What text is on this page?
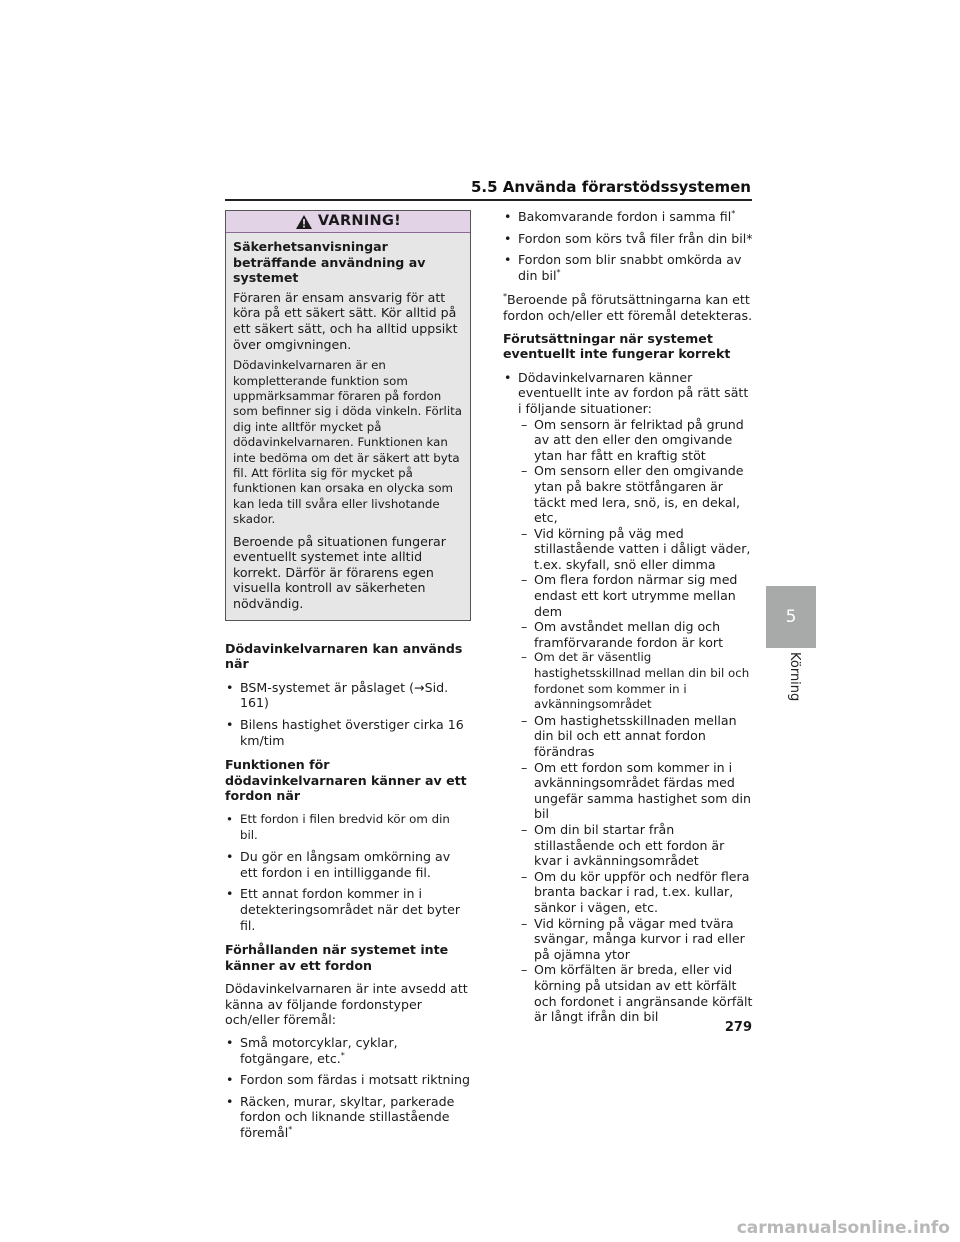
5.5 Använda förarstödssystemen
VARNING!

Säkerhetsanvisningar beträffande användning av systemet

Föraren är ensam ansvarig för att köra på ett säkert sätt. Kör alltid på ett säkert sätt, och ha alltid uppsikt över omgivningen.

Dödavinkelvarnaren är en kompletterande funktion som uppmärksammar föraren på fordon som befinner sig i döda vinkeln. Förlita dig inte alltför mycket på dödavinkelvarnaren. Funktionen kan inte bedöma om det är säkert att byta fil. Att förlita sig för mycket på funktionen kan orsaka en olycka som kan leda till svåra eller livshotande skador.

Beroende på situationen fungerar eventuellt systemet inte alltid korrekt. Därför är förarens egen visuella kontroll av säkerheten nödvändig.

Dödavinkelvarnaren kan används när
• BSM-systemet är påslaget (→Sid. 161)
• Bilens hastighet överstiger cirka 16 km/tim
Funktionen för dödavinkelvarnaren känner av ett fordon när
• Ett fordon i filen bredvid kör om din bil.
• Du gör en långsam omkörning av ett fordon i en intilliggande fil.
• Ett annat fordon kommer in i detekteringsområdet när det byter fil.
Förhållanden när systemet inte känner av ett fordon

Dödavinkelvarnaren är inte avsedd att känna av följande fordonstyper och/eller föremål:

• Små motorcyklar, cyklar, fotgängare, etc.*
• Fordon som färdas i motsatt riktning
• Räcken, murar, skyltar, parkerade fordon och liknande stillastående föremål*
• Bakomvarande fordon i samma fil*
• Fordon som körs två filer från din bil*
• Fordon som blir snabbt omkörda av din bil*

*Beroende på förutsättningarna kan ett fordon och/eller ett föremål detekteras.

Förutsättningar när systemet eventuellt inte fungerar korrekt
• Dödavinkelvarnaren känner eventuellt inte av fordon på rätt sätt i följande situationer:
– Om sensorn är felriktad på grund av att den eller den omgivande ytan har fått en kraftig stöt
– Om sensorn eller den omgivande ytan på bakre stötfångaren är täckt med lera, snö, is, en dekal, etc,
– Vid körning på väg med stillastående vatten i dåligt väder, t.ex. skyfall, snö eller dimma
– Om flera fordon närmar sig med endast ett kort utrymme mellan dem
– Om avståndet mellan dig och framförvarande fordon är kort
– Om det är väsentlig hastighetsskillnad mellan din bil och fordonet som kommer in i avkänningsområdet
– Om hastighetsskillnaden mellan din bil och ett annat fordon förändras
– Om ett fordon som kommer in i avkänningsområdet färdas med ungefär samma hastighet som din bil
– Om din bil startar från stillastående och ett fordon är kvar i avkänningsområdet
– Om du kör uppför och nedför flera branta backar i rad, t.ex. kullar, sänkor i vägen, etc.
– Vid körning på vägar med tvära svängar, många kurvor i rad eller på ojämna ytor
– Om körfälten är breda, eller vid körning på utsidan av ett körfält och fordonet i angränsande körfält är långt ifrån din bil
5
Körning
279
carmanualsonline.info
